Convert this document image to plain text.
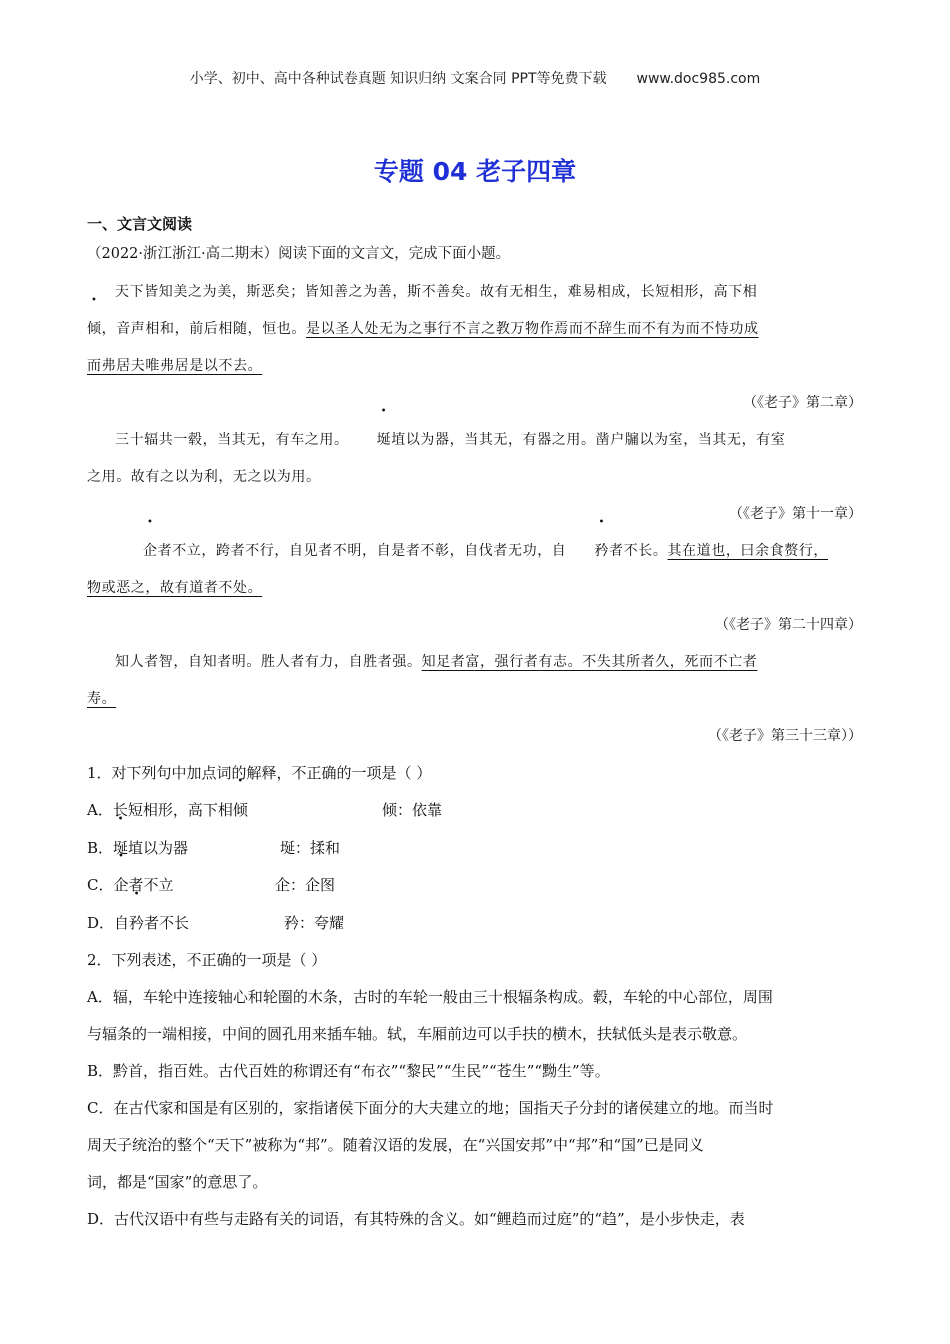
小学、初中、高中各种试卷真题 知识归纳 文案合同 PPT等免费下载 www.doc985.com
专题 04 老子四章
一、文言文阅读

（2022·浙江浙江·高二期末）阅读下面的文言文，完成下面小题。

天下皆知美之为美，斯恶矣；皆知善之为善，斯不善矣。故有无相生，难易相成，长短相形，高下相

倾，音声相和，前后相随，恒也。是以圣人处无为之事行不言之教万物作焉而不辞生而不有为而不恃功成

而弗居夫唯弗居是以不去。

（《老子》第二章）

三十辐共一毂，当其无，有车之用。 埏埴以为器，当其无，有器之用。凿户牖以为室，当其无，有室

之用。故有之以为利，无之以为用。

（《老子》第十一章）

企者不立，跨者不行，自见者不明，自是者不彰，自伐者无功，自 矜者不长。其在道也，曰余食赘行，

物或恶之，故有道者不处。

（《老子》第二十四章）

知人者智，自知者明。胜人者有力，自胜者强。知足者富，强行者有志。不失其所者久，死而不亡者

寿。

（《老子》第三十三章））

1．对下列句中加点词的解释，不正确的一项是（ ）

A．长短相形，高下相倾	倾：依靠
B．埏埴以为器	埏：揉和
C．企者不立	企：企图
D．自矜者不长	矜：夸耀

2．下列表述，不正确的一项是（ ）

A．辐，车轮中连接轴心和轮圈的木条，古时的车轮一般由三十根辐条构成。毂，车轮的中心部位，周围

与辐条的一端相接，中间的圆孔用来插车轴。轼，车厢前边可以手扶的横木，扶轼低头是表示敬意。

B．黔首，指百姓。古代百姓的称谓还有“布衣”“黎民”“生民”“苍生”“黝生”等。

C．在古代家和国是有区别的，家指诸侯下面分的大夫建立的地；国指天子分封的诸侯建立的地。而当时

周天子统治的整个“天下”被称为“邦”。随着汉语的发展，在“兴国安邦”中“邦”和“国”已是同义

词，都是“国家”的意思了。

D．古代汉语中有些与走路有关的词语，有其特殊的含义。如“鲤趋而过庭”的“趋”，是小步快走，表
